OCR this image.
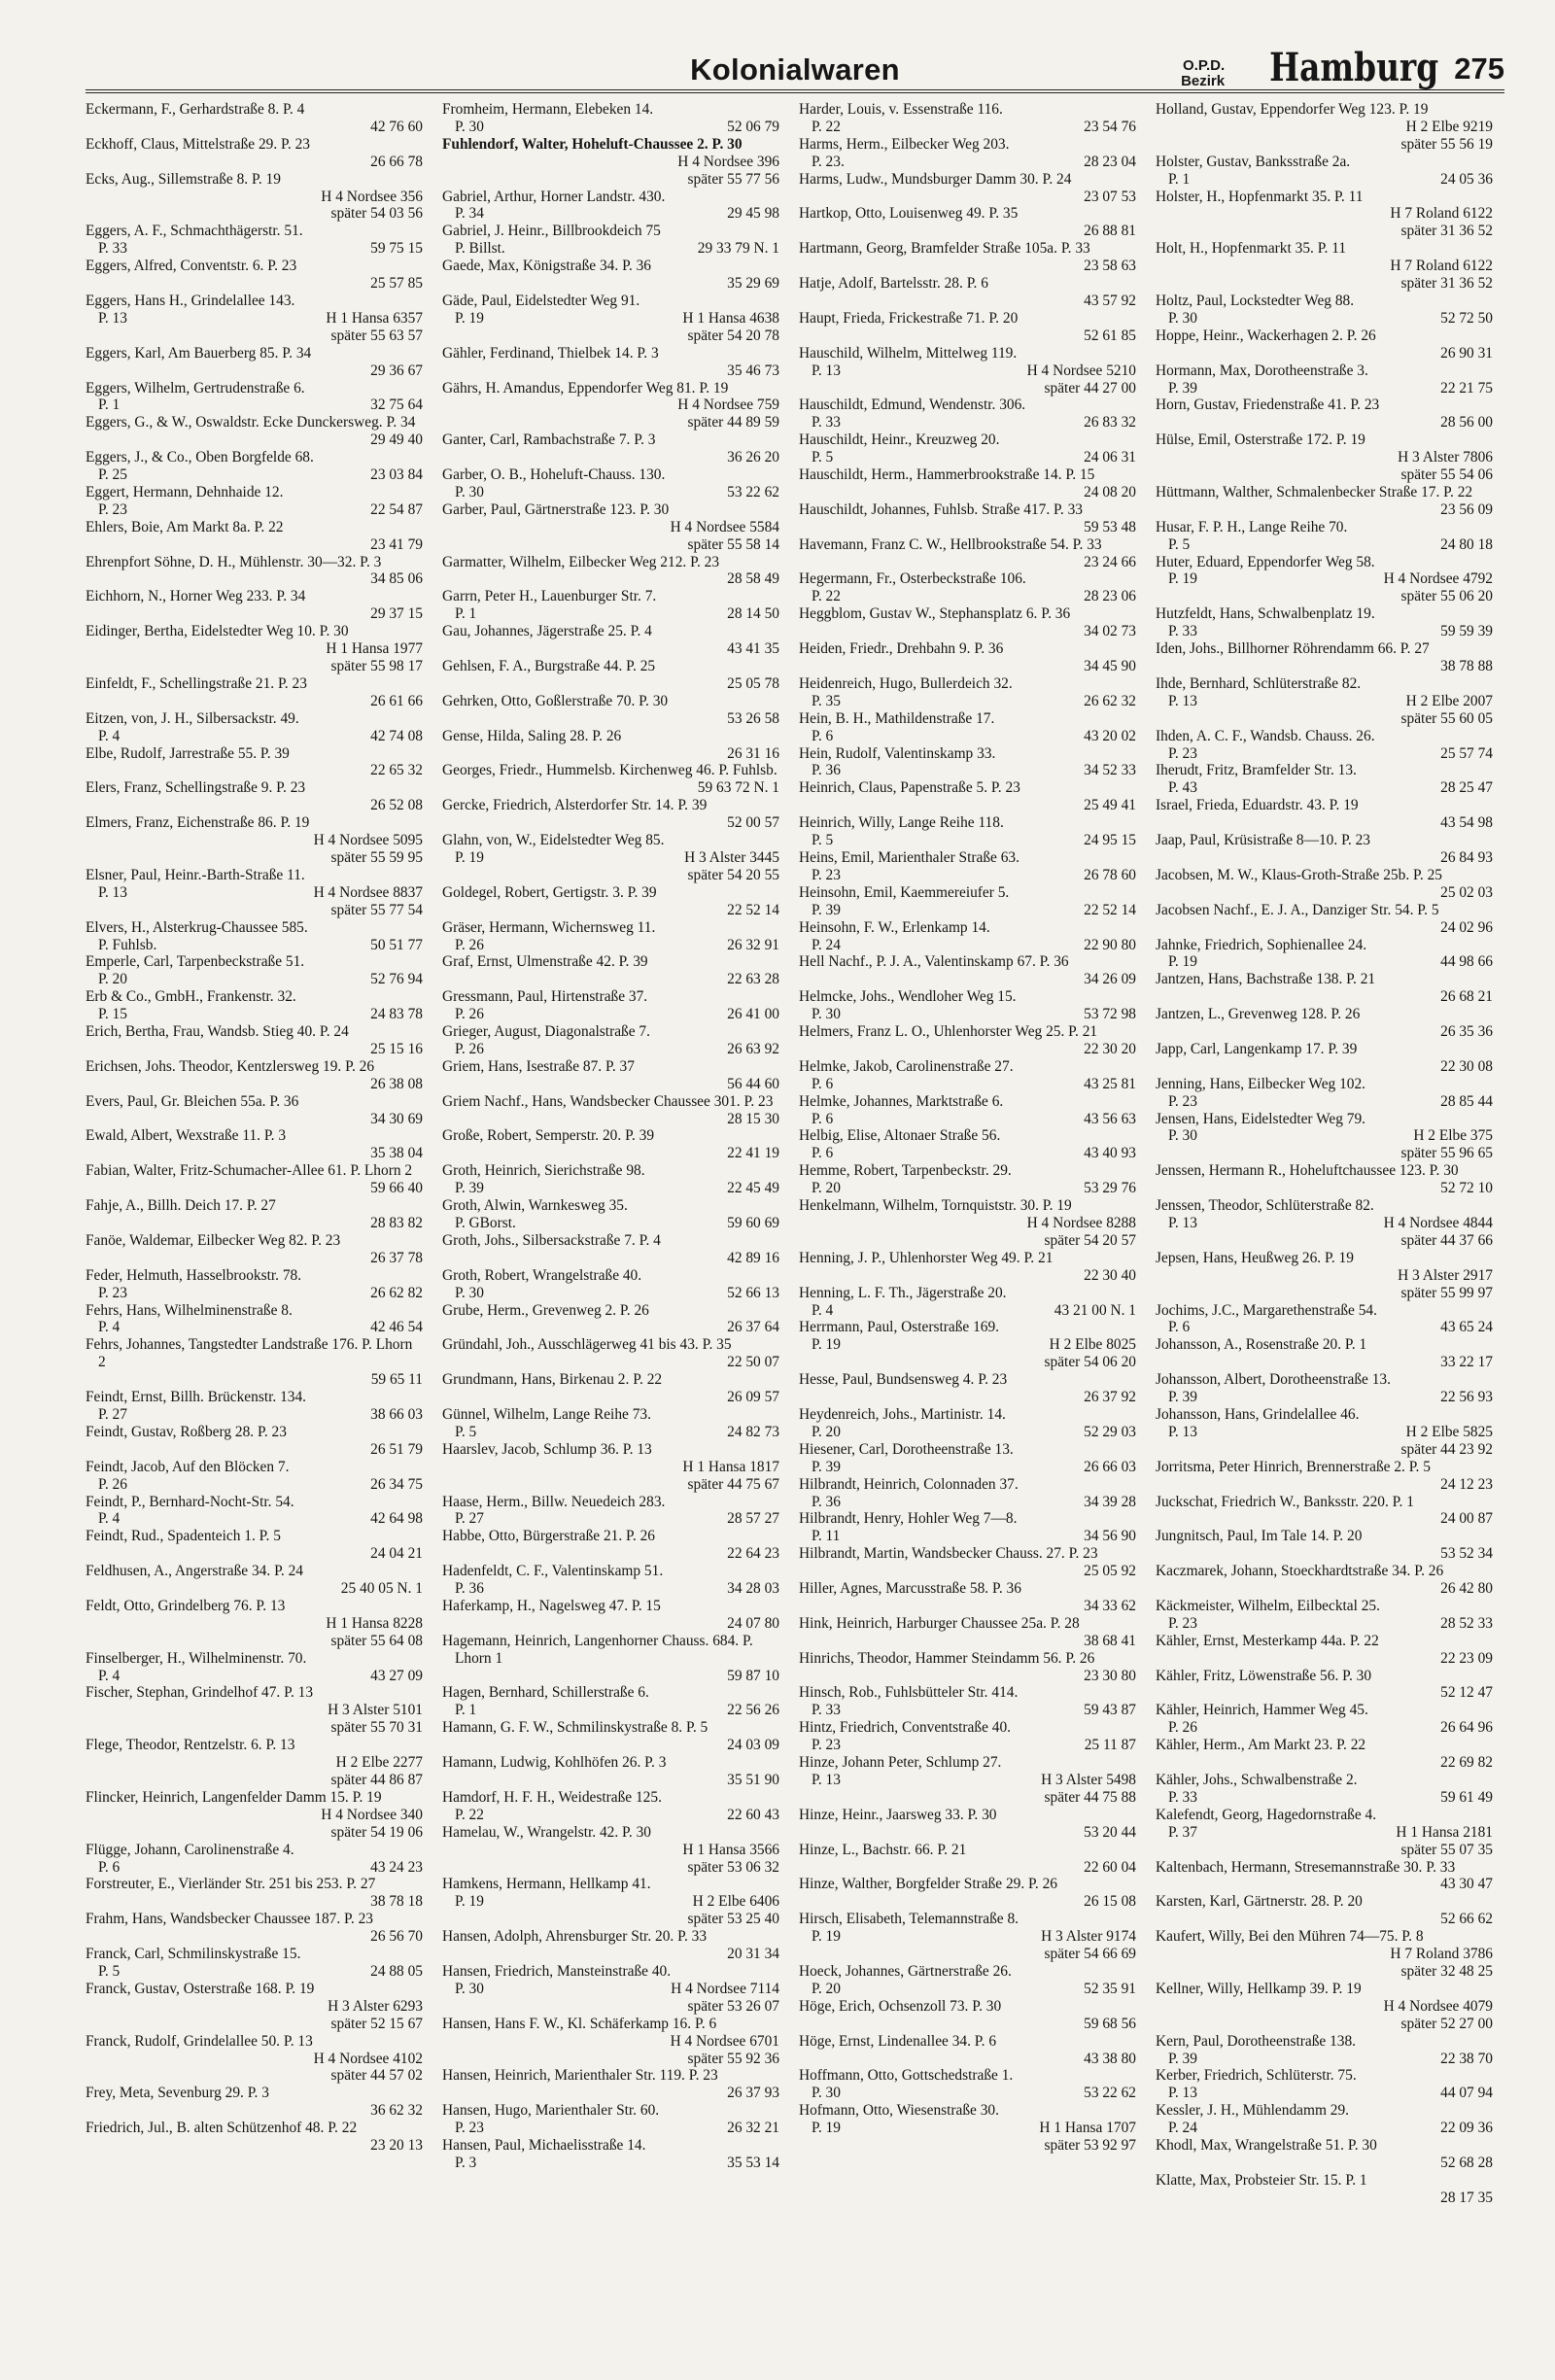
Kolonialwaren	O.P.D.
Bezirk Hamburg 275
Eckermann, F., Gerhardstraße 8. P. 4
42 76 60
Eckhoff, Claus, Mittelstraße 29. P. 23
26 66 78
Ecks, Aug., Sillemstraße 8. P. 19
H 4 Nordsee 356
später 54 03 56
Eggers, A. F., Schmachthägerstr. 51.
P. 33	59 75 15
Eggers, Alfred, Conventstr. 6. P. 23
25 57 85
Eggers, Hans H., Grindelallee 143.
P. 13	H 1 Hansa 6357
später 55 63 57
Eggers, Karl, Am Bauerberg 85. P. 34
29 36 67
Eggers, Wilhelm, Gertrudenstraße 6.
P. 1	32 75 64
Eggers, G., & W., Oswaldstr. Ecke Dunckersweg. P. 34
29 49 40
Eggers, J., & Co., Oben Borgfelde 68.
P. 25	23 03 84
Eggert, Hermann, Dehnhaide 12.
P. 23	22 54 87
Ehlers, Boie, Am Markt 8a. P. 22
23 41 79
Ehrenpfort Söhne, D. H., Mühlenstr. 30—32. P. 3
34 85 06
Eichhorn, N., Horner Weg 233. P. 34
29 37 15
Eidinger, Bertha, Eidelstedter Weg 10. P. 30
H 1 Hansa 1977
später 55 98 17
Einfeldt, F., Schellingstraße 21. P. 23
26 61 66
Eitzen, von, J. H., Silbersackstr. 49.
P. 4	42 74 08
Elbe, Rudolf, Jarrestraße 55. P. 39
22 65 32
Elers, Franz, Schellingstraße 9. P. 23
26 52 08
Elmers, Franz, Eichenstraße 86. P. 19
H 4 Nordsee 5095
später 55 59 95
Elsner, Paul, Heinr.-Barth-Straße 11.
P. 13	H 4 Nordsee 8837
später 55 77 54
Elvers, H., Alsterkrug-Chaussee 585.
P. Fuhlsb.	50 51 77
Emperle, Carl, Tarpenbeckstraße 51.
P. 20	52 76 94
Erb & Co., GmbH., Frankenstr. 32.
P. 15	24 83 78
Erich, Bertha, Frau, Wandsb. Stieg 40. P. 24
25 15 16
Erichsen, Johs. Theodor, Kentzlersweg 19. P. 26
26 38 08
Evers, Paul, Gr. Bleichen 55a. P. 36
34 30 69
Ewald, Albert, Wexstraße 11. P. 3
35 38 04
Fabian, Walter, Fritz-Schumacher-Allee 61. P. Lhorn 2
59 66 40
Fahje, A., Billh. Deich 17. P. 27
28 83 82
Fanöe, Waldemar, Eilbecker Weg 82. P. 23
26 37 78
Feder, Helmuth, Hasselbrookstr. 78.
P. 23	26 62 82
Fehrs, Hans, Wilhelminenstraße 8.
P. 4	42 46 54
Fehrs, Johannes, Tangstedter Landstraße 176. P. Lhorn 2
59 65 11
Feindt, Ernst, Billh. Brückenstr. 134.
P. 27	38 66 03
Feindt, Gustav, Roßberg 28. P. 23
26 51 79
Feindt, Jacob, Auf den Blöcken 7.
P. 26	26 34 75
Feindt, P., Bernhard-Nocht-Str. 54.
P. 4	42 64 98
Feindt, Rud., Spadenteich 1. P. 5
24 04 21
Feldhusen, A., Angerstraße 34. P. 24
25 40 05 N. 1
Feldt, Otto, Grindelberg 76. P. 13
H 1 Hansa 8228
später 55 64 08
Finselberger, H., Wilhelminenstr. 70.
P. 4	43 27 09
Fischer, Stephan, Grindelhof 47. P. 13
H 3 Alster 5101
später 55 70 31
Flege, Theodor, Rentzelstr. 6. P. 13
H 2 Elbe 2277
später 44 86 87
Flincker, Heinrich, Langenfelder Damm 15. P. 19
H 4 Nordsee 340
später 54 19 06
Flügge, Johann, Carolinenstraße 4.
P. 6	43 24 23
Forstreuter, E., Vierländer Str. 251 bis 253. P. 27
38 78 18
Frahm, Hans, Wandsbecker Chaussee 187. P. 23
26 56 70
Franck, Carl, Schmilinskystraße 15.
P. 5	24 88 05
Franck, Gustav, Osterstraße 168. P. 19
H 3 Alster 6293
später 52 15 67
Franck, Rudolf, Grindelallee 50. P. 13
H 4 Nordsee 4102
später 44 57 02
Frey, Meta, Sevenburg 29. P. 3
36 62 32
Friedrich, Jul., B. alten Schützenhof 48. P. 22
23 20 13
Fromheim, Hermann, Elebeken 14.
P. 30	52 06 79
Fuhlendorf, Walter, Hoheluft-Chaussee 2. P. 30
H 4 Nordsee 396
später 55 77 56
Gabriel, Arthur, Horner Landstr. 430.
P. 34	29 45 98
Gabriel, J. Heinr., Billbrookdeich 75
P. Billst.	29 33 79 N. 1
Gaede, Max, Königstraße 34. P. 36
35 29 69
Gäde, Paul, Eidelstedter Weg 91.
P. 19	H 1 Hansa 4638
später 54 20 78
Gähler, Ferdinand, Thielbek 14. P. 3
35 46 73
Gährs, H. Amandus, Eppendorfer Weg 81. P. 19
H 4 Nordsee 759
später 44 89 59
Ganter, Carl, Rambachstraße 7. P. 3
36 26 20
Garber, O. B., Hoheluft-Chauss. 130.
P. 30	53 22 62
Garber, Paul, Gärtnerstraße 123. P. 30
H 4 Nordsee 5584
später 55 58 14
Garmatter, Wilhelm, Eilbecker Weg 212. P. 23
28 58 49
Garrn, Peter H., Lauenburger Str. 7.
P. 1	28 14 50
Gau, Johannes, Jägerstraße 25. P. 4
43 41 35
Gehlsen, F. A., Burgstraße 44. P. 25
25 05 78
Gehrken, Otto, Goßlerstraße 70. P. 30
53 26 58
Gense, Hilda, Saling 28. P. 26
26 31 16
Georges, Friedr., Hummelsb. Kirchenweg 46. P. Fuhlsb.
59 63 72 N. 1
Gercke, Friedrich, Alsterdorfer Str. 14. P. 39
52 00 57
Glahn, von, W., Eidelstedter Weg 85.
P. 19	H 3 Alster 3445
später 54 20 55
Goldegel, Robert, Gertigstr. 3. P. 39
22 52 14
Gräser, Hermann, Wichernsweg 11.
P. 26	26 32 91
Graf, Ernst, Ulmenstraße 42. P. 39
22 63 28
Gressmann, Paul, Hirtenstraße 37.
P. 26	26 41 00
Grieger, August, Diagonalstraße 7.
P. 26	26 63 92
Griem, Hans, Isestraße 87. P. 37
56 44 60
Griem Nachf., Hans, Wandsbecker Chaussee 301. P. 23
28 15 30
Große, Robert, Semperstr. 20. P. 39
22 41 19
Groth, Heinrich, Sierichstraße 98.
P. 39	22 45 49
Groth, Alwin, Warnkesweg 35.
P. GBorst.	59 60 69
Groth, Johs., Silbersackstraße 7. P. 4
42 89 16
Groth, Robert, Wrangelstraße 40.
P. 30	52 66 13
Grube, Herm., Grevenweg 2. P. 26
26 37 64
Gründahl, Joh., Ausschlägerweg 41 bis 43. P. 35
22 50 07
Grundmann, Hans, Birkenau 2. P. 22
26 09 57
Günnel, Wilhelm, Lange Reihe 73.
P. 5	24 82 73
Haarslev, Jacob, Schlump 36. P. 13
H 1 Hansa 1817
später 44 75 67
Haase, Herm., Billw. Neuedeich 283.
P. 27	28 57 27
Habbe, Otto, Bürgerstraße 21. P. 26
22 64 23
Hadenfeldt, C. F., Valentinskamp 51.
P. 36	34 28 03
Haferkamp, H., Nagelsweg 47. P. 15
24 07 80
Hagemann, Heinrich, Langenhorner Chauss. 684. P. Lhorn 1
59 87 10
Hagen, Bernhard, Schillerstraße 6.
P. 1	22 56 26
Hamann, G. F. W., Schmilinskystraße 8. P. 5
24 03 09
Hamann, Ludwig, Kohlhöfen 26. P. 3
35 51 90
Hamdorf, H. F. H., Weidestraße 125.
P. 22	22 60 43
Hamelau, W., Wrangelstr. 42. P. 30
H 1 Hansa 3566
später 53 06 32
Hamkens, Hermann, Hellkamp 41.
P. 19	H 2 Elbe 6406
später 53 25 40
Hansen, Adolph, Ahrensburger Str. 20. P. 33
20 31 34
Hansen, Friedrich, Mansteinstraße 40.
P. 30	H 4 Nordsee 7114
später 53 26 07
Hansen, Hans F. W., Kl. Schäferkamp 16. P. 6
H 4 Nordsee 6701
später 55 92 36
Hansen, Heinrich, Marienthaler Str. 119. P. 23
26 37 93
Hansen, Hugo, Marienthaler Str. 60.
P. 23	26 32 21
Hansen, Paul, Michaelisstraße 14.
P. 3	35 53 14
Harder, Louis, v. Essenstraße 116.
P. 22	23 54 76
Harms, Herm., Eilbecker Weg 203.
P. 23.	28 23 04
Harms, Ludw., Mundsburger Damm 30. P. 24
23 07 53
Hartkop, Otto, Louisenweg 49. P. 35
26 88 81
Hartmann, Georg, Bramfelder Straße 105a. P. 33
23 58 63
Hatje, Adolf, Bartelsstr. 28. P. 6
43 57 92
Haupt, Frieda, Frickestraße 71. P. 20
52 61 85
Hauschild, Wilhelm, Mittelweg 119.
P. 13	H 4 Nordsee 5210
später 44 27 00
Hauschildt, Edmund, Wendenstr. 306.
P. 33	26 83 32
Hauschildt, Heinr., Kreuzweg 20.
P. 5	24 06 31
Hauschildt, Herm., Hammerbrookstraße 14. P. 15
24 08 20
Hauschildt, Johannes, Fuhlsb. Straße 417. P. 33
59 53 48
Havemann, Franz C. W., Hellbrookstraße 54. P. 33
23 24 66
Hegermann, Fr., Osterbeckstraße 106.
P. 22	28 23 06
Heggblom, Gustav W., Stephansplatz 6. P. 36
34 02 73
Heiden, Friedr., Drehbahn 9. P. 36
34 45 90
Heidenreich, Hugo, Bullerdeich 32.
P. 35	26 62 32
Hein, B. H., Mathildenstraße 17.
P. 6	43 20 02
Hein, Rudolf, Valentinskamp 33.
P. 36	34 52 33
Heinrich, Claus, Papenstraße 5. P. 23
25 49 41
Heinrich, Willy, Lange Reihe 118.
P. 5	24 95 15
Heins, Emil, Marienthaler Straße 63.
P. 23	26 78 60
Heinsohn, Emil, Kaemmereiufer 5.
P. 39	22 52 14
Heinsohn, F. W., Erlenkamp 14.
P. 24	22 90 80
Hell Nachf., P. J. A., Valentinskamp 67. P. 36
34 26 09
Helmcke, Johs., Wendloher Weg 15.
P. 30	53 72 98
Helmers, Franz L. O., Uhlenhorster Weg 25. P. 21
22 30 20
Helmke, Jakob, Carolinenstraße 27.
P. 6	43 25 81
Helmke, Johannes, Marktstraße 6.
P. 6	43 56 63
Helbig, Elise, Altonaer Straße 56.
P. 6	43 40 93
Hemme, Robert, Tarpenbeckstr. 29.
P. 20	53 29 76
Henkelmann, Wilhelm, Tornquiststr. 30. P. 19
H 4 Nordsee 8288
später 54 20 57
Henning, J. P., Uhlenhorster Weg 49. P. 21
22 30 40
Henning, L. F. Th., Jägerstraße 20.
P. 4	43 21 00 N. 1
Herrmann, Paul, Osterstraße 169.
P. 19	H 2 Elbe 8025
später 54 06 20
Hesse, Paul, Bundsensweg 4. P. 23
26 37 92
Heydenreich, Johs., Martinistr. 14.
P. 20	52 29 03
Hiesener, Carl, Dorotheenstraße 13.
P. 39	26 66 03
Hilbrandt, Heinrich, Colonnaden 37.
P. 36	34 39 28
Hilbrandt, Henry, Hohler Weg 7—8.
P. 11	34 56 90
Hilbrandt, Martin, Wandsbecker Chauss. 27. P. 23
25 05 92
Hiller, Agnes, Marcusstraße 58. P. 36
34 33 62
Hink, Heinrich, Harburger Chaussee 25a. P. 28
38 68 41
Hinrichs, Theodor, Hammer Steindamm 56. P. 26
23 30 80
Hinsch, Rob., Fuhlsbütteler Str. 414.
P. 33	59 43 87
Hintz, Friedrich, Conventstraße 40.
P. 23	25 11 87
Hinze, Johann Peter, Schlump 27.
P. 13	H 3 Alster 5498
später 44 75 88
Hinze, Heinr., Jaarsweg 33. P. 30
53 20 44
Hinze, L., Bachstr. 66. P. 21
22 60 04
Hinze, Walther, Borgfelder Straße 29. P. 26
26 15 08
Hirsch, Elisabeth, Telemannstraße 8.
P. 19	H 3 Alster 9174
später 54 66 69
Hoeck, Johannes, Gärtnerstraße 26.
P. 20	52 35 91
Höge, Erich, Ochsenzoll 73. P. 30
59 68 56
Höge, Ernst, Lindenallee 34. P. 6
43 38 80
Hoffmann, Otto, Gottschedstraße 1.
P. 30	53 22 62
Hofmann, Otto, Wiesenstraße 30.
P. 19	H 1 Hansa 1707
später 53 92 97
Holland, Gustav, Eppendorfer Weg 123. P. 19
H 2 Elbe 9219
später 55 56 19
Holster, Gustav, Banksstraße 2a.
P. 1	24 05 36
Holster, H., Hopfenmarkt 35. P. 11
H 7 Roland 6122
später 31 36 52
Holt, H., Hopfenmarkt 35. P. 11
H 7 Roland 6122
später 31 36 52
Holtz, Paul, Lockstedter Weg 88.
P. 30	52 72 50
Hoppe, Heinr., Wackerhagen 2. P. 26
26 90 31
Hormann, Max, Dorotheenstraße 3.
P. 39	22 21 75
Horn, Gustav, Friedenstraße 41. P. 23
28 56 00
Hülse, Emil, Osterstraße 172. P. 19
H 3 Alster 7806
später 55 54 06
Hüttmann, Walther, Schmalenbecker Straße 17. P. 22
23 56 09
Husar, F. P. H., Lange Reihe 70.
P. 5	24 80 18
Huter, Eduard, Eppendorfer Weg 58.
P. 19	H 4 Nordsee 4792
später 55 06 20
Hutzfeldt, Hans, Schwalbenplatz 19.
P. 33	59 59 39
Iden, Johs., Billhorner Röhrendamm 66. P. 27
38 78 88
Ihde, Bernhard, Schlüterstraße 82.
P. 13	H 2 Elbe 2007
später 55 60 05
Ihden, A. C. F., Wandsb. Chauss. 26.
P. 23	25 57 74
Iherudt, Fritz, Bramfelder Str. 13.
P. 43	28 25 47
Israel, Frieda, Eduardstr. 43. P. 19
43 54 98
Jaap, Paul, Krüsistraße 8—10. P. 23
26 84 93
Jacobsen, M. W., Klaus-Groth-Straße 25b. P. 25
25 02 03
Jacobsen Nachf., E. J. A., Danziger Str. 54. P. 5
24 02 96
Jahnke, Friedrich, Sophienallee 24.
P. 19	44 98 66
Jantzen, Hans, Bachstraße 138. P. 21
26 68 21
Jantzen, L., Grevenweg 128. P. 26
26 35 36
Japp, Carl, Langenkamp 17. P. 39
22 30 08
Jenning, Hans, Eilbecker Weg 102.
P. 23	28 85 44
Jensen, Hans, Eidelstedter Weg 79.
P. 30	H 2 Elbe 375
später 55 96 65
Jenssen, Hermann R., Hoheluftchaussee 123. P. 30
52 72 10
Jenssen, Theodor, Schlüterstraße 82.
P. 13	H 4 Nordsee 4844
später 44 37 66
Jepsen, Hans, Heußweg 26. P. 19
H 3 Alster 2917
später 55 99 97
Jochims, J.C., Margarethenstraße 54.
P. 6	43 65 24
Johansson, A., Rosenstraße 20. P. 1
33 22 17
Johansson, Albert, Dorotheenstraße 13.
P. 39	22 56 93
Johansson, Hans, Grindelallee 46.
P. 13	H 2 Elbe 5825
später 44 23 92
Jorritsma, Peter Hinrich, Brennerstraße 2. P. 5
24 12 23
Juckschat, Friedrich W., Banksstr. 220. P. 1
24 00 87
Jungnitsch, Paul, Im Tale 14. P. 20
53 52 34
Kaczmarek, Johann, Stoeckhardtstraße 34. P. 26
26 42 80
Käckmeister, Wilhelm, Eilbecktal 25.
P. 23	28 52 33
Kähler, Ernst, Mesterkamp 44a. P. 22
22 23 09
Kähler, Fritz, Löwenstraße 56. P. 30
52 12 47
Kähler, Heinrich, Hammer Weg 45.
P. 26	26 64 96
Kähler, Herm., Am Markt 23. P. 22
22 69 82
Kähler, Johs., Schwalbenstraße 2.
P. 33	59 61 49
Kalefendt, Georg, Hagedornstraße 4.
P. 37	H 1 Hansa 2181
später 55 07 35
Kaltenbach, Hermann, Stresemannstraße 30. P. 33
43 30 47
Karsten, Karl, Gärtnerstr. 28. P. 20
52 66 62
Kaufert, Willy, Bei den Mühren 74—75. P. 8
H 7 Roland 3786
später 32 48 25
Kellner, Willy, Hellkamp 39. P. 19
H 4 Nordsee 4079
später 52 27 00
Kern, Paul, Dorotheenstraße 138.
P. 39	22 38 70
Kerber, Friedrich, Schlüterstr. 75.
P. 13	44 07 94
Kessler, J. H., Mühlendamm 29.
P. 24	22 09 36
Khodl, Max, Wrangelstraße 51. P. 30
52 68 28
Klatte, Max, Probsteier Str. 15. P. 1
28 17 35
